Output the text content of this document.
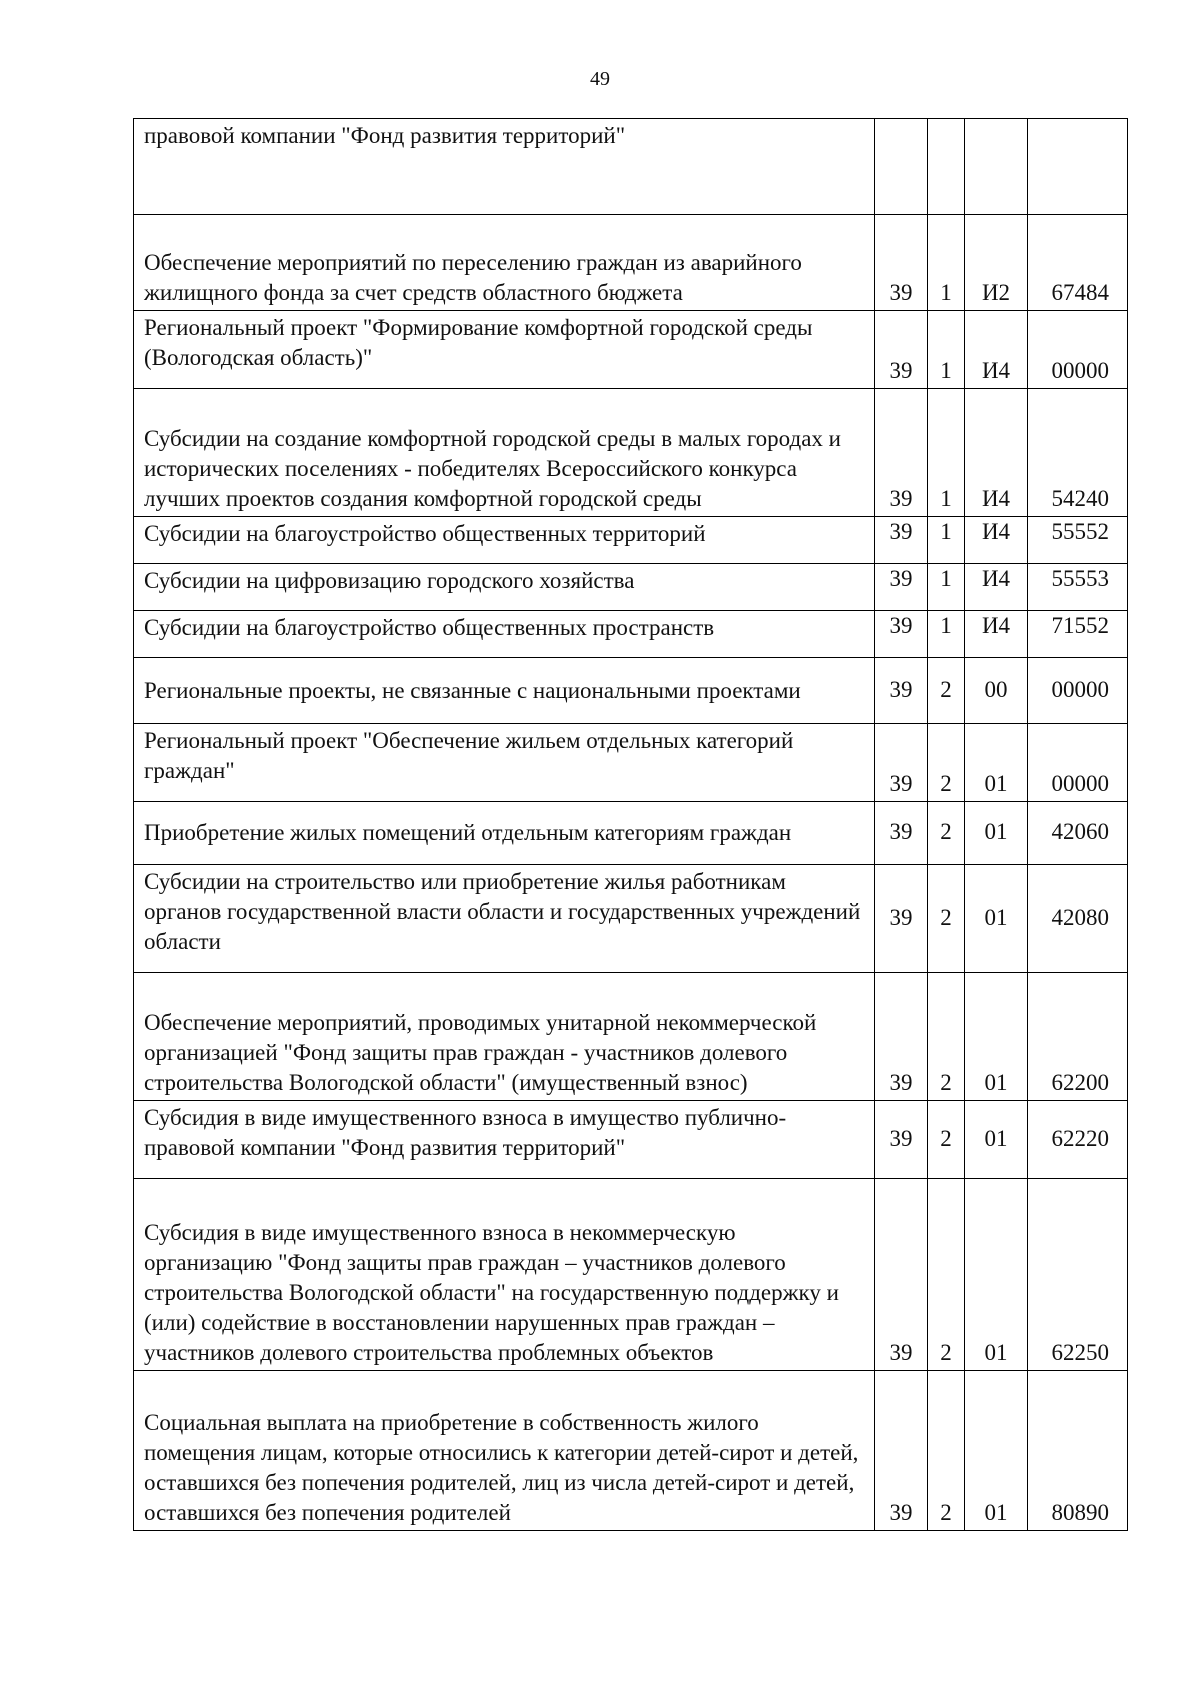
49
правовой компании "Фонд развития территорий"				
Обеспечение мероприятий по переселению граждан из аварийного жилищного фонда за счет средств областного бюджета	39	1	И2	67484
Региональный проект "Формирование комфортной городской среды (Вологодская область)"	39	1	И4	00000
Субсидии на создание комфортной городской среды в малых городах и исторических поселениях - победителях Всероссийского конкурса лучших проектов создания комфортной городской среды	39	1	И4	54240
Субсидии на благоустройство общественных территорий	39	1	И4	55552
Субсидии на цифровизацию городского хозяйства	39	1	И4	55553
Субсидии на благоустройство общественных пространств	39	1	И4	71552
Региональные проекты, не связанные с национальными проектами	39	2	00	00000
Региональный проект "Обеспечение жильем отдельных категорий граждан"	39	2	01	00000
Приобретение жилых помещений отдельным категориям граждан	39	2	01	42060
Субсидии на строительство или приобретение жилья работникам органов государственной власти области и государственных учреждений области	39	2	01	42080
Обеспечение мероприятий, проводимых унитарной некоммерческой организацией "Фонд защиты прав граждан - участников долевого строительства Вологодской области" (имущественный взнос)	39	2	01	62200
Субсидия в виде имущественного взноса в имущество публично-правовой компании "Фонд развития территорий"	39	2	01	62220
Субсидия в виде имущественного взноса в некоммерческую организацию "Фонд защиты прав граждан – участников долевого строительства Вологодской области" на государственную поддержку и (или) содействие в восстановлении нарушенных прав граждан – участников долевого строительства проблемных объектов	39	2	01	62250
Социальная выплата на приобретение в собственность жилого помещения лицам, которые относились к категории детей-сирот и детей, оставшихся без попечения родителей, лиц из числа детей-сирот и детей, оставшихся без попечения родителей	39	2	01	80890
